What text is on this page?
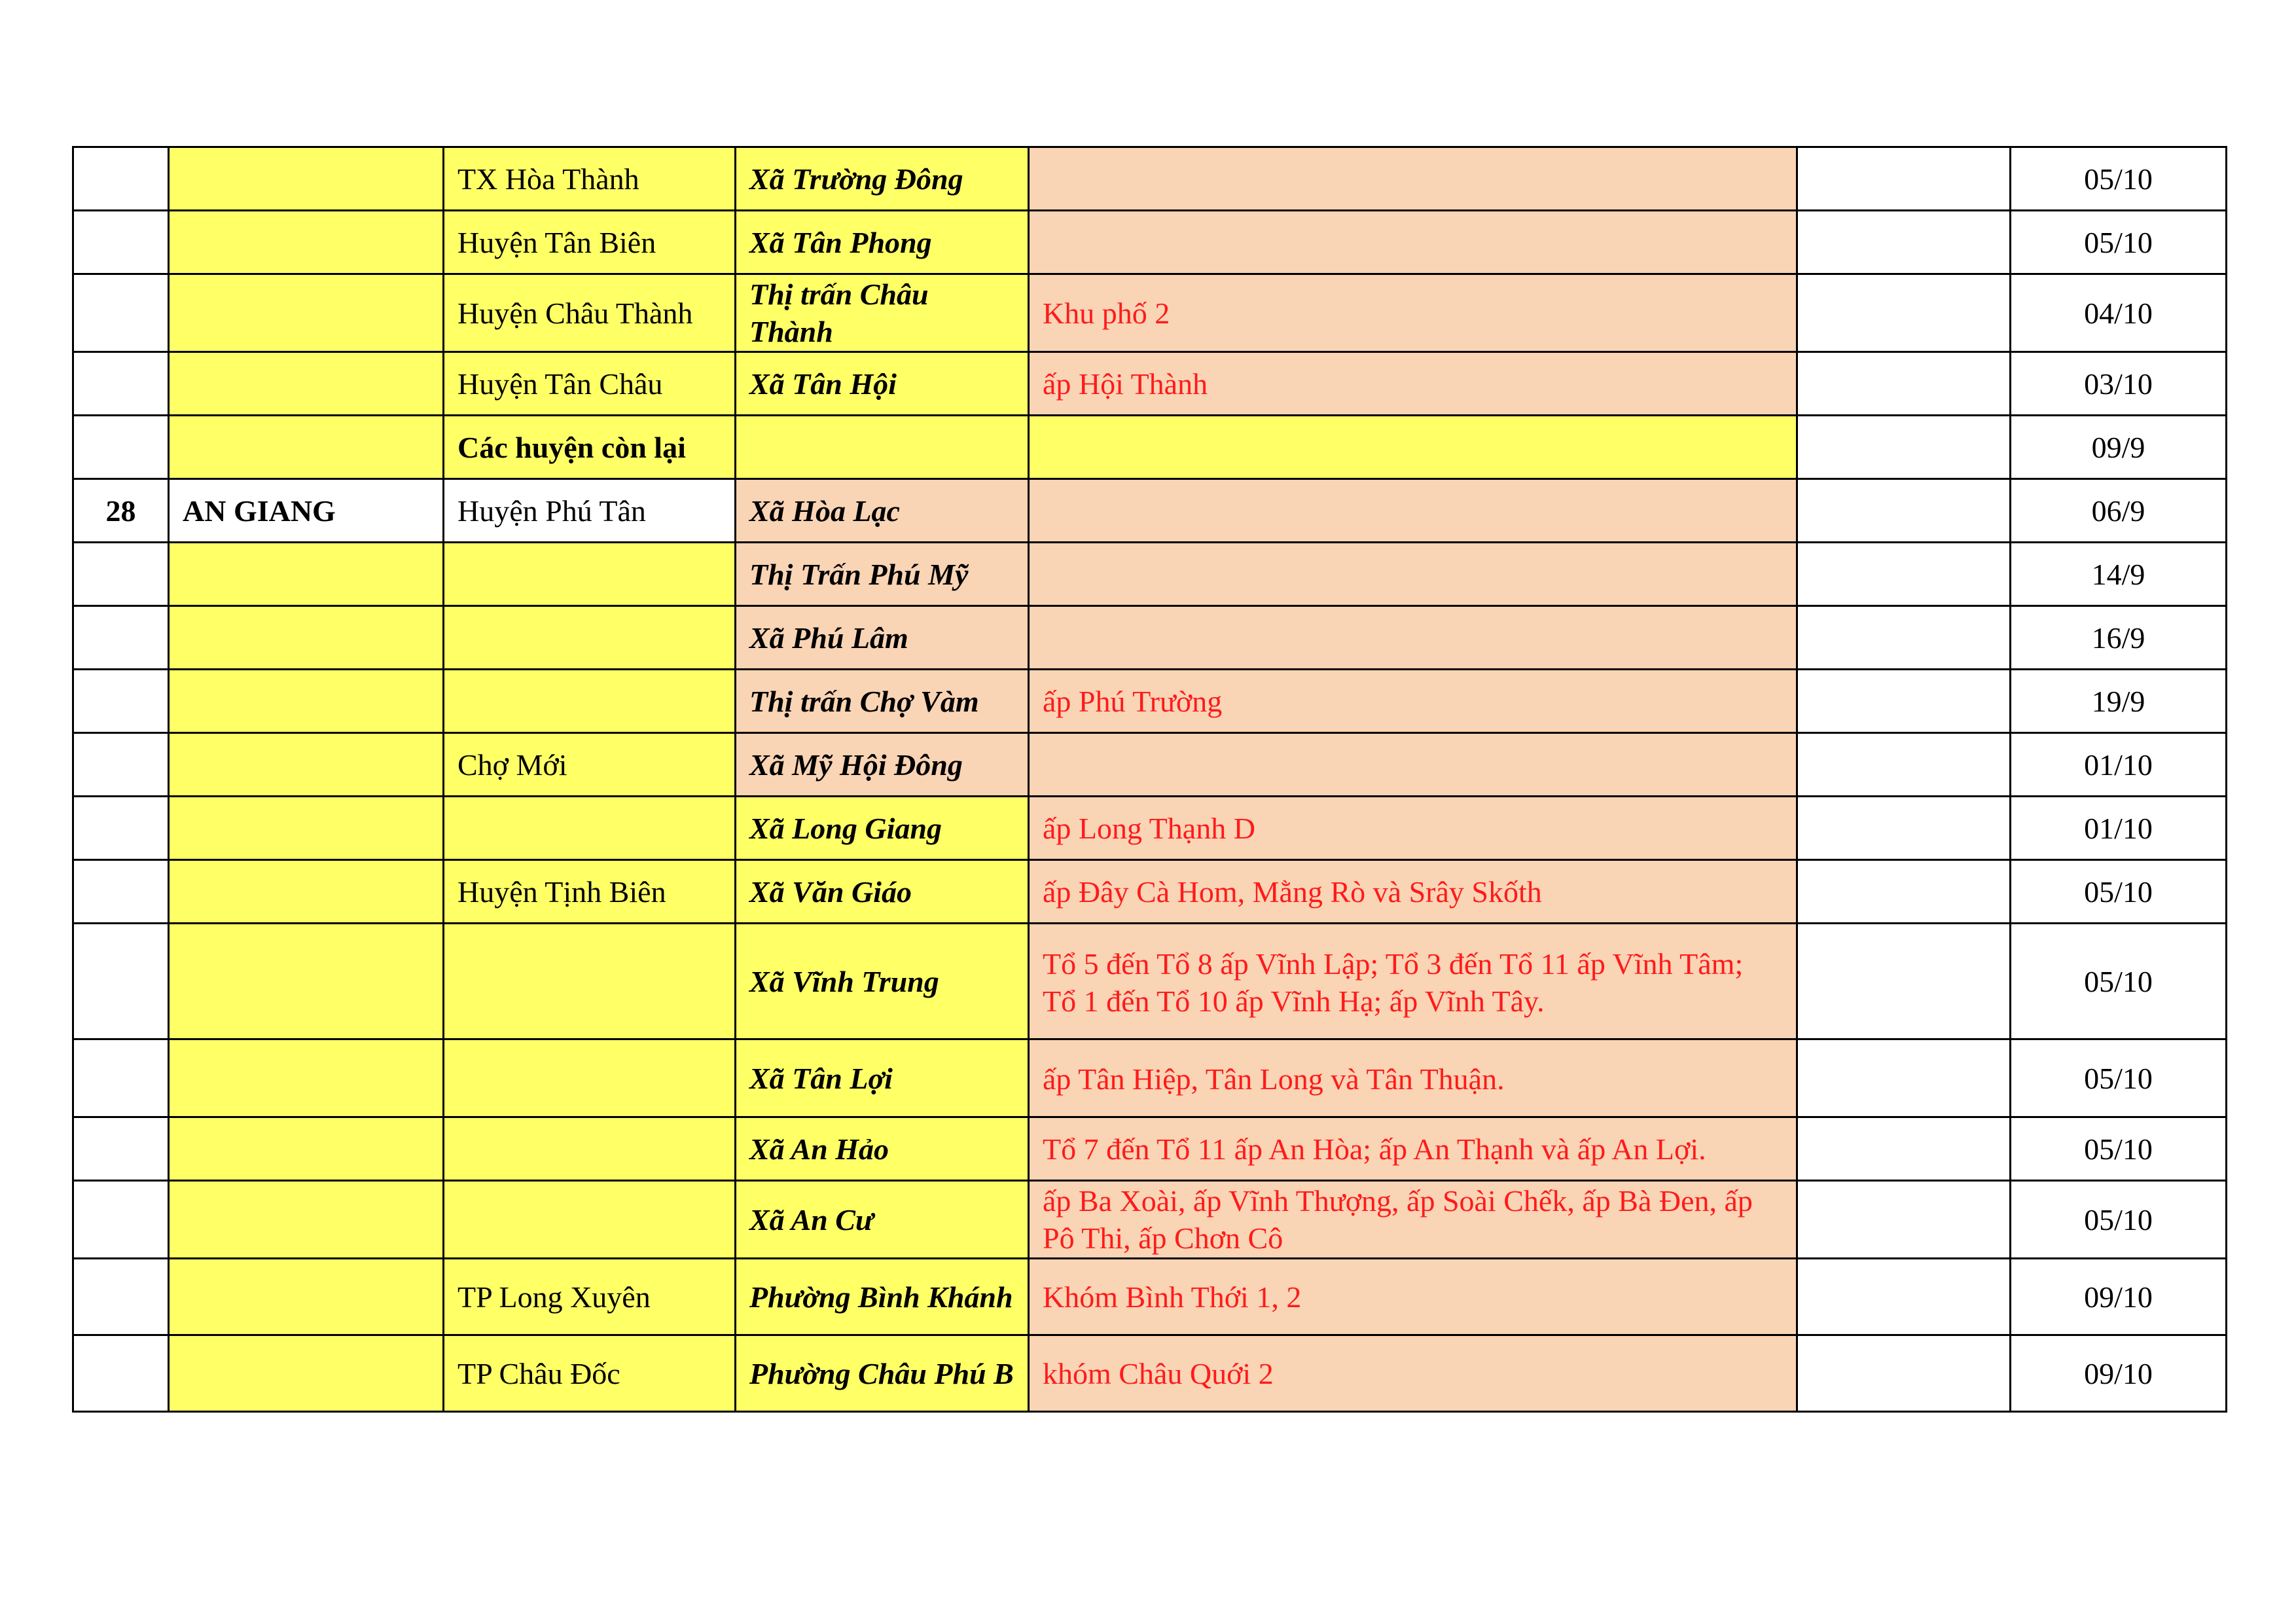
		TX Hòa Thành	Xã Trường Đông			05/10
		Huyện Tân Biên	Xã Tân Phong			05/10
		Huyện Châu Thành	Thị trấn Châu Thành	Khu phố 2		04/10
		Huyện Tân Châu	Xã Tân Hội	ấp Hội Thành		03/10
		Các huyện còn lại				09/9
28	AN GIANG	Huyện Phú Tân	Xã Hòa Lạc			06/9
			Thị Trấn Phú Mỹ			14/9
			Xã Phú Lâm			16/9
			Thị trấn Chợ Vàm	ấp Phú Trường		19/9
		Chợ Mới	Xã Mỹ Hội Đông			01/10
			Xã Long Giang	ấp Long Thạnh D		01/10
		Huyện Tịnh Biên	Xã Văn Giáo	ấp Đây Cà Hom, Mằng Rò và Srây Skốth		05/10
			Xã Vĩnh Trung	Tổ 5 đến Tổ 8 ấp Vĩnh Lập; Tổ 3 đến Tổ 11 ấp Vĩnh Tâm; Tổ 1 đến Tổ 10 ấp Vĩnh Hạ; ấp Vĩnh Tây.		05/10
			Xã Tân Lợi	ấp Tân Hiệp, Tân Long và Tân Thuận.		05/10
			Xã An Hảo	Tổ 7 đến Tổ 11 ấp An Hòa; ấp An Thạnh và ấp An Lợi.		05/10
			Xã An Cư	ấp Ba Xoài, ấp Vĩnh Thượng, ấp Soài Chếk, ấp Bà Đen, ấp Pô Thi, ấp Chơn Cô		05/10
		TP Long Xuyên	Phường Bình Khánh	Khóm Bình Thới 1, 2		09/10
		TP Châu Đốc	Phường Châu Phú B	khóm Châu Quới 2		09/10
